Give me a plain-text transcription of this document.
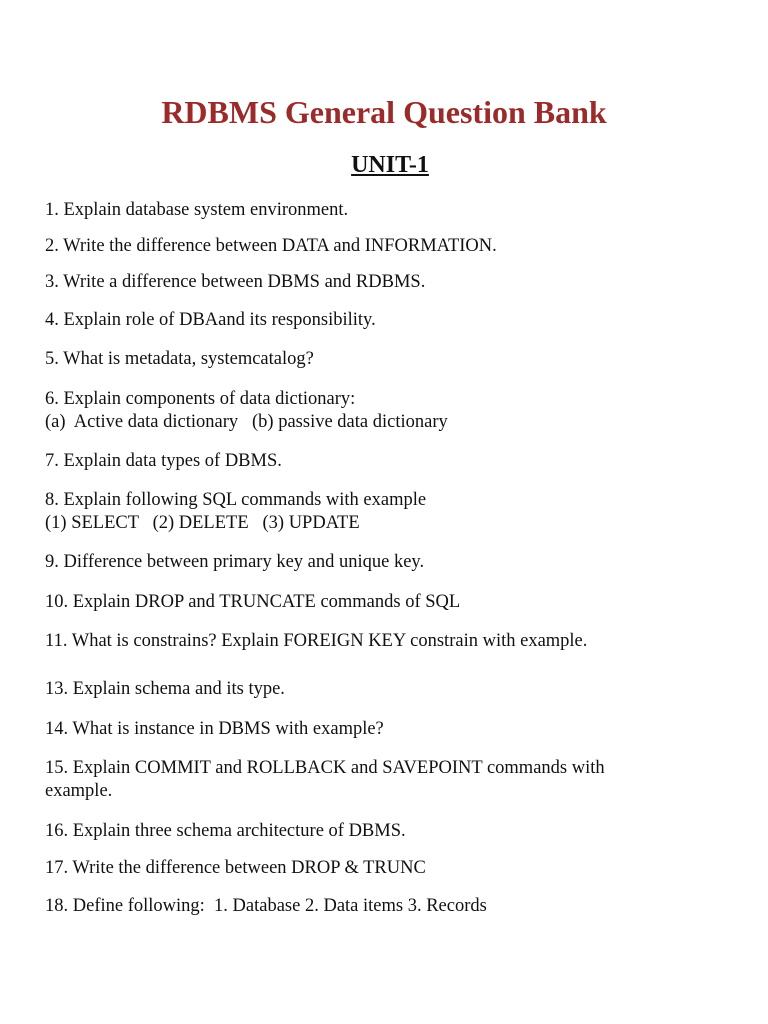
RDBMS General Question Bank
UNIT-1

1. Explain database system environment.

2. Write the difference between DATA and INFORMATION.

3. Write a difference between DBMS and RDBMS.

4. Explain role of DBAand its responsibility.

5. What is metadata, systemcatalog?

6. Explain components of data dictionary:
(a)  Active data dictionary   (b) passive data dictionary

7. Explain data types of DBMS.

8. Explain following SQL commands with example
(1) SELECT   (2) DELETE   (3) UPDATE

9. Difference between primary key and unique key.

10. Explain DROP and TRUNCATE commands of SQL

11. What is constrains? Explain FOREIGN KEY constrain with example.

13. Explain schema and its type.

14. What is instance in DBMS with example?

15. Explain COMMIT and ROLLBACK and SAVEPOINT commands with
example.

16. Explain three schema architecture of DBMS.

17. Write the difference between DROP & TRUNC

18. Define following:  1. Database 2. Data items 3. Records
